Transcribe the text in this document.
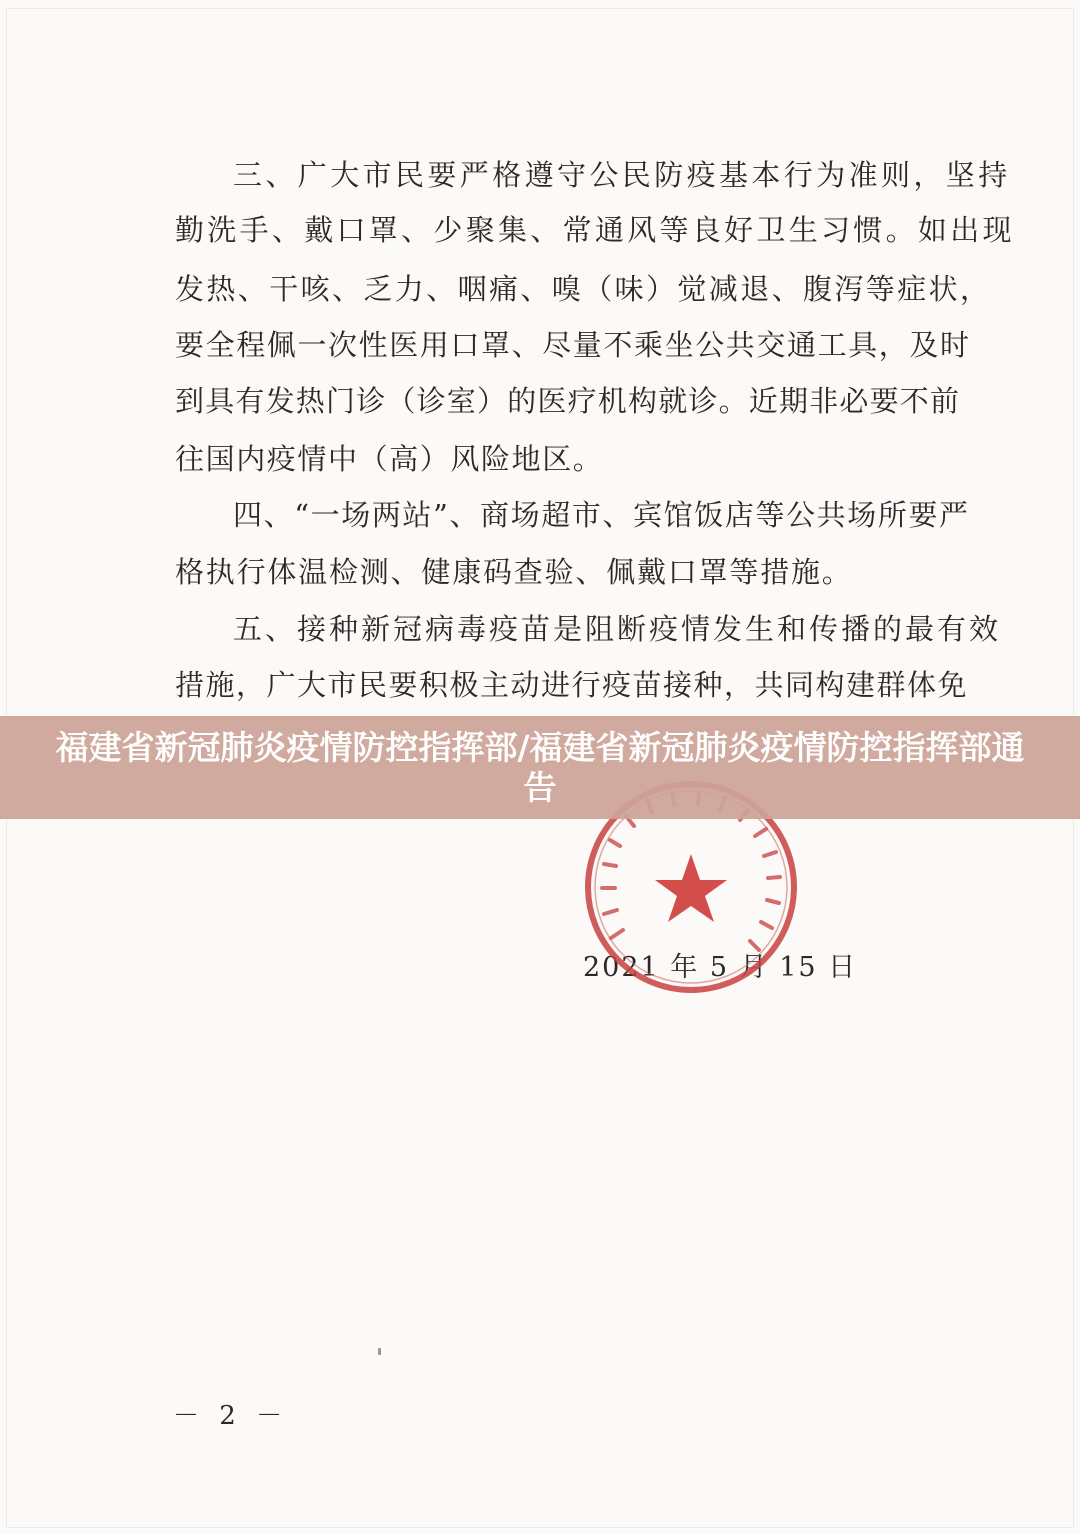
三、广大市民要严格遵守公民防疫基本行为准则，坚持

勤洗手、戴口罩、少聚集、常通风等良好卫生习惯。如出现

发热、干咳、乏力、咽痛、嗅（味）觉减退、腹泻等症状，

要全程佩一次性医用口罩、尽量不乘坐公共交通工具，及时

到具有发热门诊（诊室）的医疗机构就诊。近期非必要不前

往国内疫情中（高）风险地区。

四、“一场两站”、商场超市、宾馆饭店等公共场所要严

格执行体温检测、健康码查验、佩戴口罩等措施。

五、接种新冠病毒疫苗是阻断疫情发生和传播的最有效

措施，广大市民要积极主动进行疫苗接种，共同构建群体免

2021 年 5 月 15 日

福建省新冠肺炎疫情防控指挥部/福建省新冠肺炎疫情防控指挥部通告

－ 2 －
